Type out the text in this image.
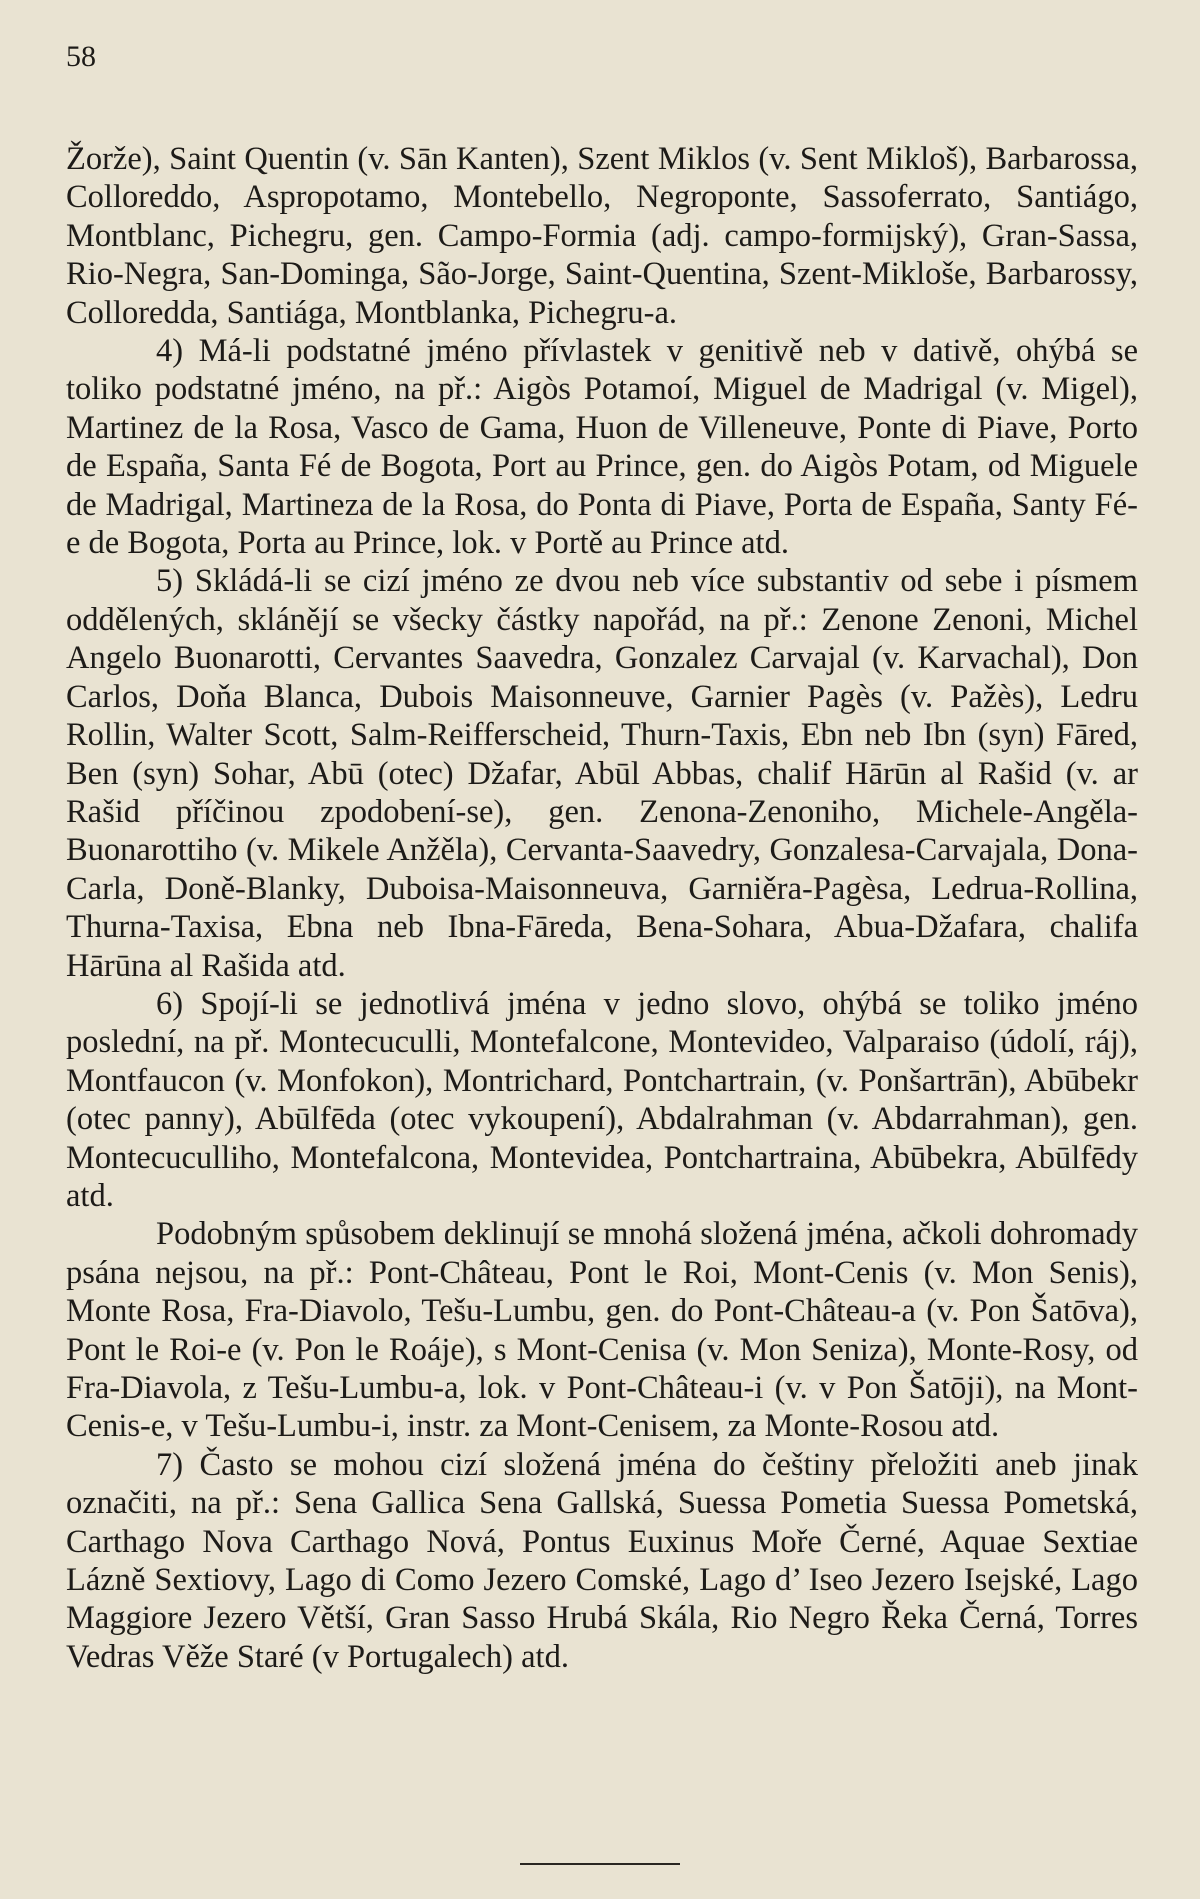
58

Žorže), Saint Quentin (v. Sān Kanten), Szent Miklos (v. Sent Mikloš), Barbarossa, Colloreddo, Aspropotamo, Montebello, Negroponte, Sassoferrato, Santiágo, Montblanc, Pichegru, gen. Campo-Formia (adj. campo-formijský), Gran-Sassa, Rio-Negra, San-Dominga, São-Jorge, Saint-Quentina, Szent-Mikloše, Barbarossy, Colloredda, Santiága, Montblanka, Pichegru-a.

4) Má-li podstatné jméno přívlastek v genitivě neb v dativě, ohýbá se toliko podstatné jméno, na př.: Aigòs Potamoí, Miguel de Madrigal (v. Migel), Martinez de la Rosa, Vasco de Gama, Huon de Villeneuve, Ponte di Piave, Porto de España, Santa Fé de Bogota, Port au Prince, gen. do Aigòs Potam, od Miguele de Madrigal, Martineza de la Rosa, do Ponta di Piave, Porta de España, Santy Fé-e de Bogota, Porta au Prince, lok. v Portě au Prince atd.

5) Skládá-li se cizí jméno ze dvou neb více substantiv od sebe i písmem oddělených, sklánějí se všecky částky napořád, na př.: Zenone Zenoni, Michel Angelo Buonarotti, Cervantes Saavedra, Gonzalez Carvajal (v. Karvachal), Don Carlos, Doňa Blanca, Dubois Maisonneuve, Garnier Pagès (v. Pažès), Ledru Rollin, Walter Scott, Salm-Reifferscheid, Thurn-Taxis, Ebn neb Ibn (syn) Fāred, Ben (syn) Sohar, Abū (otec) Džafar, Abūl Abbas, chalif Hārūn al Rašid (v. ar Rašid příčinou zpodobení-se), gen. Zenona-Zenoniho, Michele-Angěla-Buonarottiho (v. Mikele Anžěla), Cervanta-Saavedry, Gonzalesa-Carvajala, Dona-Carla, Doně-Blanky, Duboisa-Maisonneuva, Garniěra-Pagèsa, Ledrua-Rollina, Thurna-Taxisa, Ebna neb Ibna-Fāreda, Bena-Sohara, Abua-Džafara, chalifa Hārūna al Rašida atd.

6) Spojí-li se jednotlivá jména v jedno slovo, ohýbá se toliko jméno poslední, na př. Montecuculli, Montefalcone, Montevideo, Valparaiso (údolí, ráj), Montfaucon (v. Monfokon), Montrichard, Pontchartrain, (v. Ponšartrān), Abūbekr (otec panny), Abūlfēda (otec vykoupení), Abdalrahman (v. Abdarrahman), gen. Montecuculliho, Montefalcona, Montevidea, Pontchartraina, Abūbekra, Abūlfēdy atd.

Podobným spůsobem deklinují se mnohá složená jména, ačkoli dohromady psána nejsou, na př.: Pont-Château, Pont le Roi, Mont-Cenis (v. Mon Senis), Monte Rosa, Fra-Diavolo, Tešu-Lumbu, gen. do Pont-Château-a (v. Pon Šatōva), Pont le Roi-e (v. Pon le Roáje), s Mont-Cenisa (v. Mon Seniza), Monte-Rosy, od Fra-Diavola, z Tešu-Lumbu-a, lok. v Pont-Château-i (v. v Pon Šatōji), na Mont-Cenis-e, v Tešu-Lumbu-i, instr. za Mont-Cenisem, za Monte-Rosou atd.

7) Často se mohou cizí složená jména do češtiny přeložiti aneb jinak označiti, na př.: Sena Gallica Sena Gallská, Suessa Pometia Suessa Pometská, Carthago Nova Carthago Nová, Pontus Euxinus Moře Černé, Aquae Sextiae Lázně Sextiovy, Lago di Como Jezero Comské, Lago d’ Iseo Jezero Isejské, Lago Maggiore Jezero Větší, Gran Sasso Hrubá Skála, Rio Negro Řeka Černá, Torres Vedras Věže Staré (v Portugalech) atd.
